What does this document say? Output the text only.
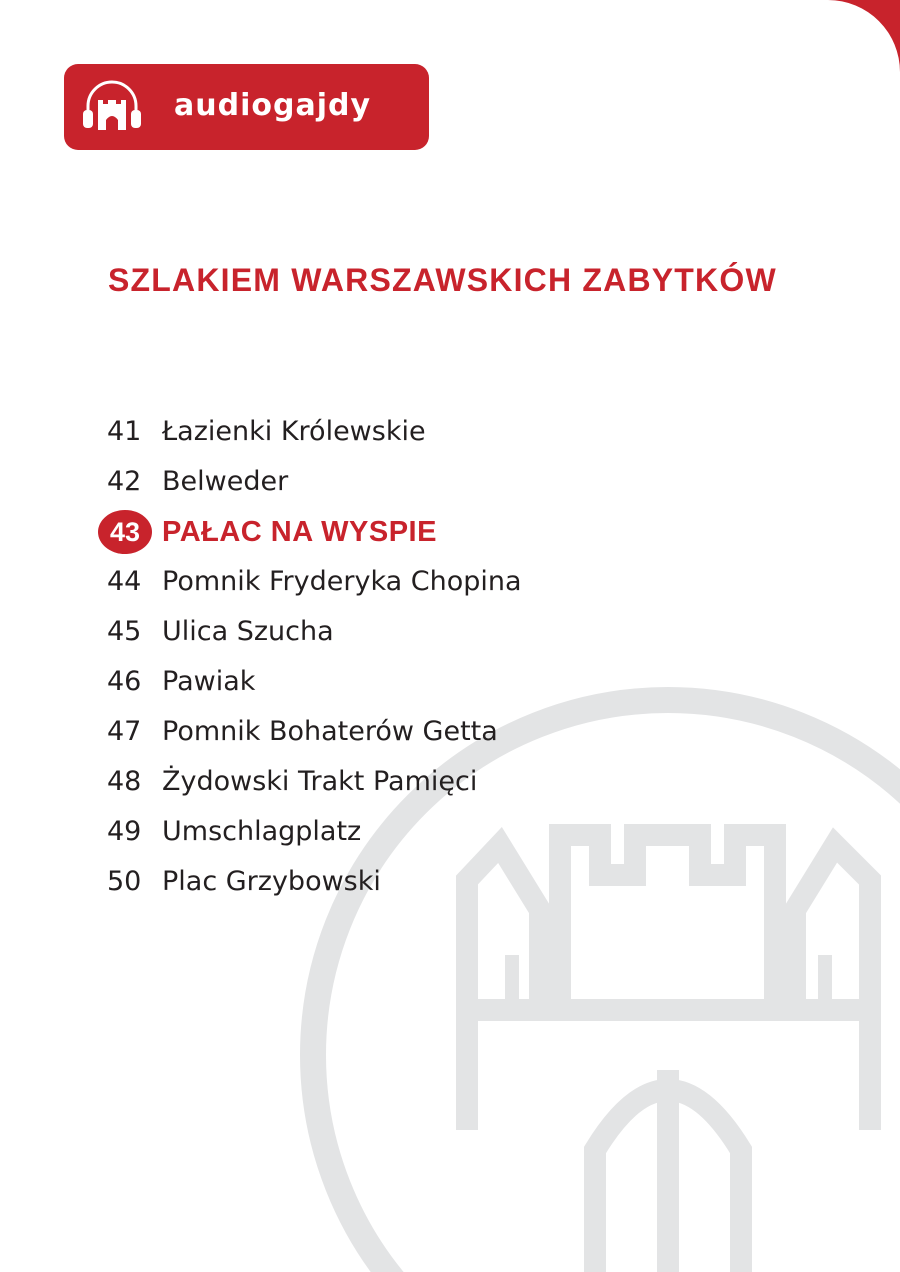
audiogajdy
SZLAKIEM WARSZAWSKICH ZABYTKÓW
41 Łazienki Królewskie
42 Belweder
43 PAŁAC NA WYSPIE
44 Pomnik Fryderyka Chopina
45 Ulica Szucha
46 Pawiak
47 Pomnik Bohaterów Getta
48 Żydowski Trakt Pamięci
49 Umschlagplatz
50 Plac Grzybowski
